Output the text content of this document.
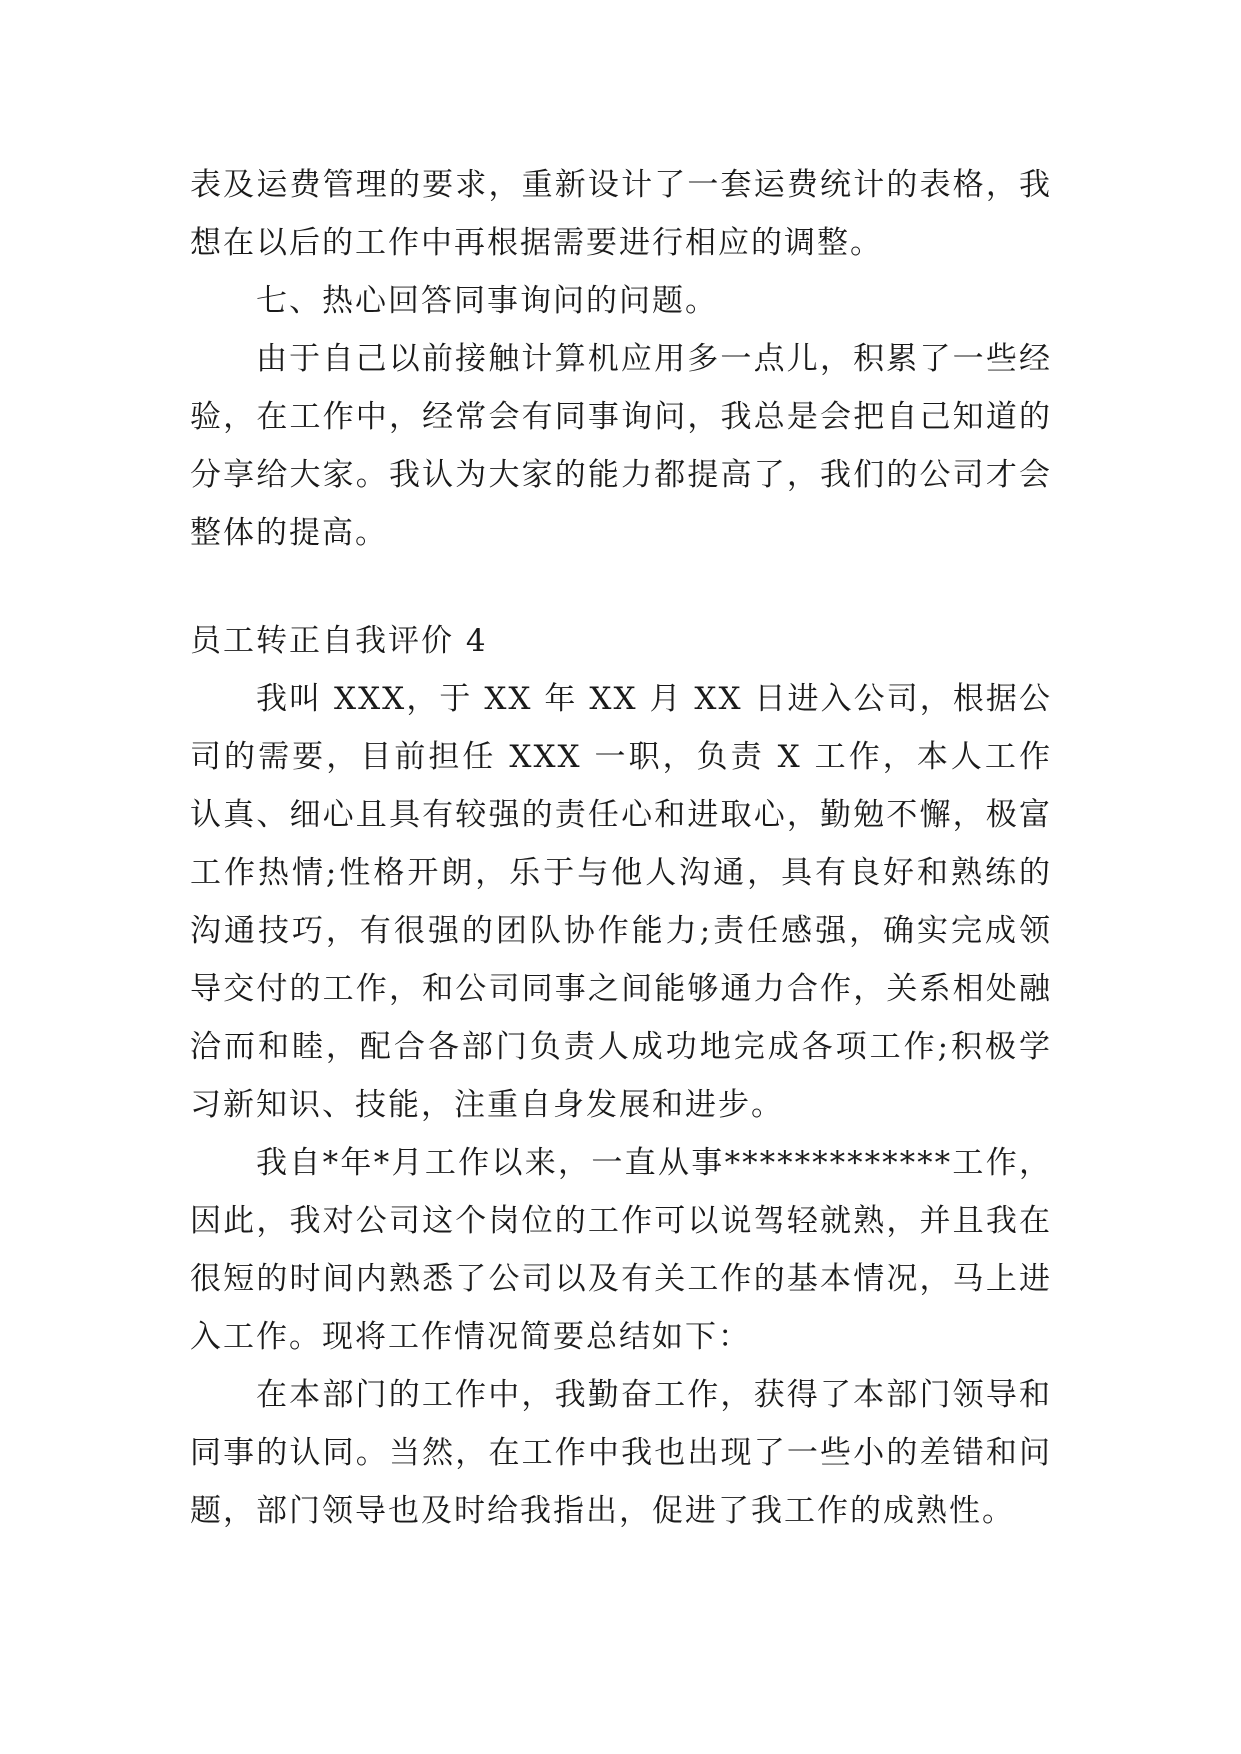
表及运费管理的要求，重新设计了一套运费统计的表格，我想在以后的工作中再根据需要进行相应的调整。

七、热心回答同事询问的问题。

由于自己以前接触计算机应用多一点儿，积累了一些经验，在工作中，经常会有同事询问，我总是会把自己知道的分享给大家。我认为大家的能力都提高了，我们的公司才会整体的提高。

员工转正自我评价 4

我叫 XXX，于 XX 年 XX 月 XX 日进入公司，根据公司的需要，目前担任 XXX 一职，负责 X 工作，本人工作认真、细心且具有较强的责任心和进取心，勤勉不懈，极富工作热情;性格开朗，乐于与他人沟通，具有良好和熟练的沟通技巧，有很强的团队协作能力;责任感强，确实完成领导交付的工作，和公司同事之间能够通力合作，关系相处融洽而和睦，配合各部门负责人成功地完成各项工作;积极学习新知识、技能，注重自身发展和进步。

我自*年*月工作以来，一直从事*************工作，因此，我对公司这个岗位的工作可以说驾轻就熟，并且我在很短的时间内熟悉了公司以及有关工作的基本情况，马上进入工作。现将工作情况简要总结如下：

在本部门的工作中，我勤奋工作，获得了本部门领导和同事的认同。当然，在工作中我也出现了一些小的差错和问题，部门领导也及时给我指出，促进了我工作的成熟性。
